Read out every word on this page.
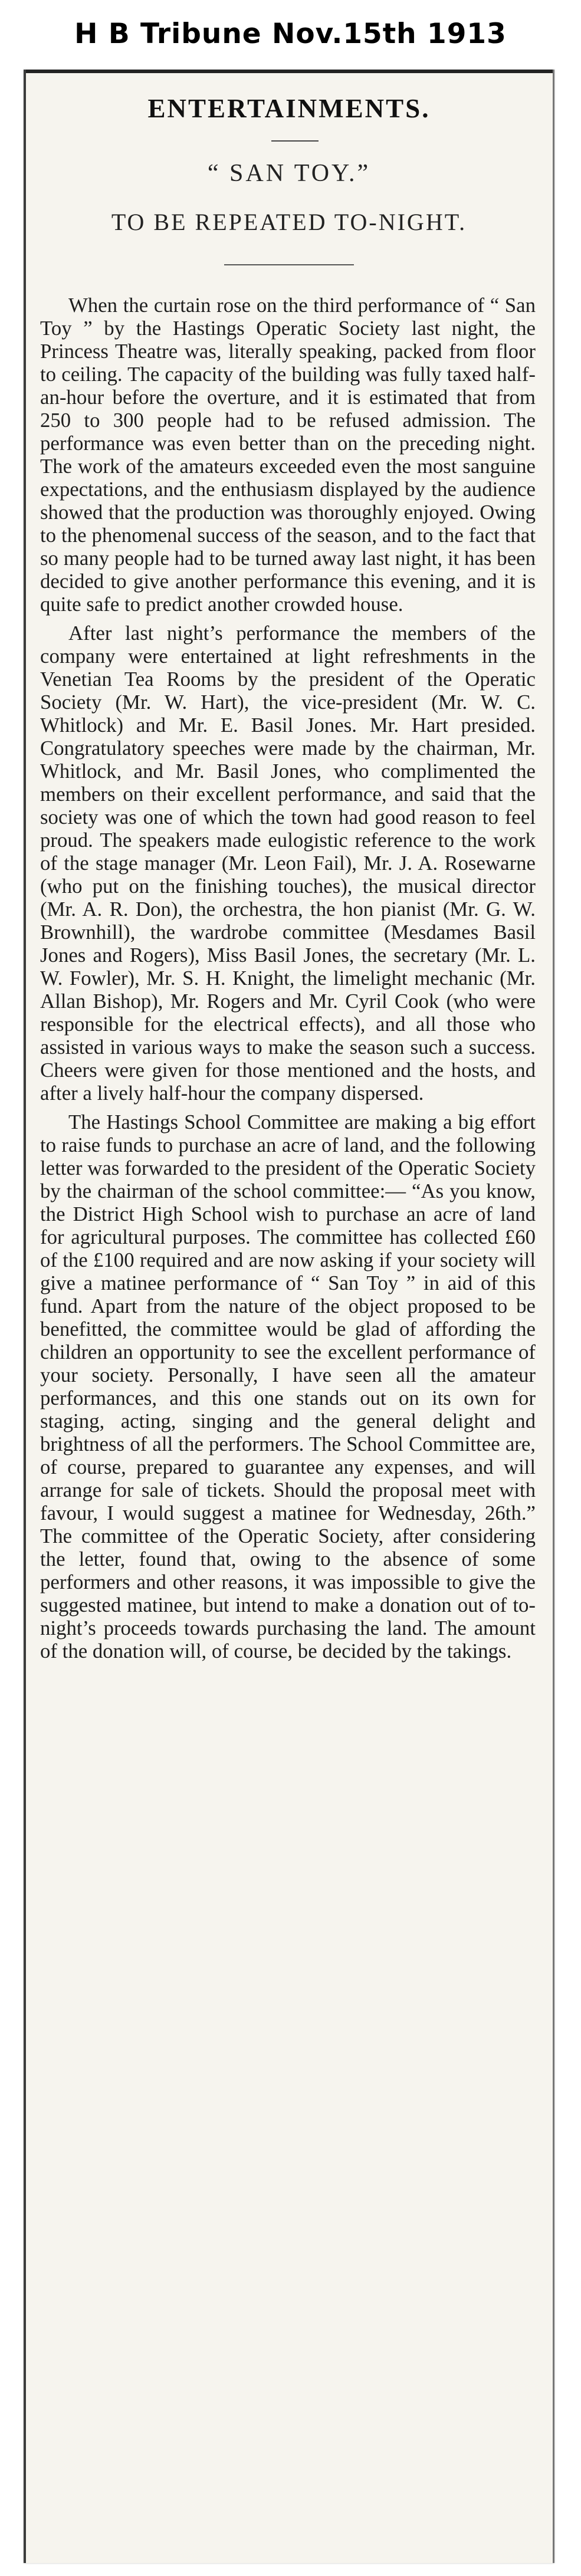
H B Tribune Nov.15th 1913
ENTERTAINMENTS.
“ SAN TOY.”
TO BE REPEATED TO-NIGHT.

When the curtain rose on the third performance of “ San Toy ” by the Hastings Operatic Society last night, the Princess Theatre was, literally speaking, packed from floor to ceiling. The capacity of the building was fully taxed half-an-hour before the overture, and it is estimated that from 250 to 300 people had to be refused admission. The performance was even better than on the preceding night. The work of the amateurs exceeded even the most sanguine expectations, and the enthusiasm displayed by the audience showed that the production was thoroughly enjoyed. Owing to the phenomenal success of the season, and to the fact that so many people had to be turned away last night, it has been decided to give another performance this evening, and it is quite safe to predict another crowded house.

After last night’s performance the members of the company were entertained at light refreshments in the Venetian Tea Rooms by the president of the Operatic Society (Mr. W. Hart), the vice-president (Mr. W. C. Whitlock) and Mr. E. Basil Jones. Mr. Hart presided. Congratulatory speeches were made by the chairman, Mr. Whitlock, and Mr. Basil Jones, who complimented the members on their excellent performance, and said that the society was one of which the town had good reason to feel proud. The speakers made eulogistic reference to the work of the stage manager (Mr. Leon Fail), Mr. J. A. Rosewarne (who put on the finishing touches), the musical director (Mr. A. R. Don), the orchestra, the hon pianist (Mr. G. W. Brownhill), the wardrobe committee (Mesdames Basil Jones and Rogers), Miss Basil Jones, the secretary (Mr. L. W. Fowler), Mr. S. H. Knight, the limelight mechanic (Mr. Allan Bishop), Mr. Rogers and Mr. Cyril Cook (who were responsible for the electrical effects), and all those who assisted in various ways to make the season such a success. Cheers were given for those mentioned and the hosts, and after a lively half-hour the company dispersed.

The Hastings School Committee are making a big effort to raise funds to purchase an acre of land, and the following letter was forwarded to the president of the Operatic Society by the chairman of the school committee:— “As you know, the District High School wish to purchase an acre of land for agricultural purposes. The committee has collected £60 of the £100 required and are now asking if your society will give a matinee performance of “ San Toy ” in aid of this fund. Apart from the nature of the object proposed to be benefitted, the committee would be glad of affording the children an opportunity to see the excellent performance of your society. Personally, I have seen all the amateur performances, and this one stands out on its own for staging, acting, singing and the general delight and brightness of all the performers. The School Committee are, of course, prepared to guarantee any expenses, and will arrange for sale of tickets. Should the proposal meet with favour, I would suggest a matinee for Wednesday, 26th.” The committee of the Operatic Society, after considering the letter, found that, owing to the absence of some performers and other reasons, it was impossible to give the suggested matinee, but intend to make a donation out of to-night’s proceeds towards purchasing the land. The amount of the donation will, of course, be decided by the takings.
